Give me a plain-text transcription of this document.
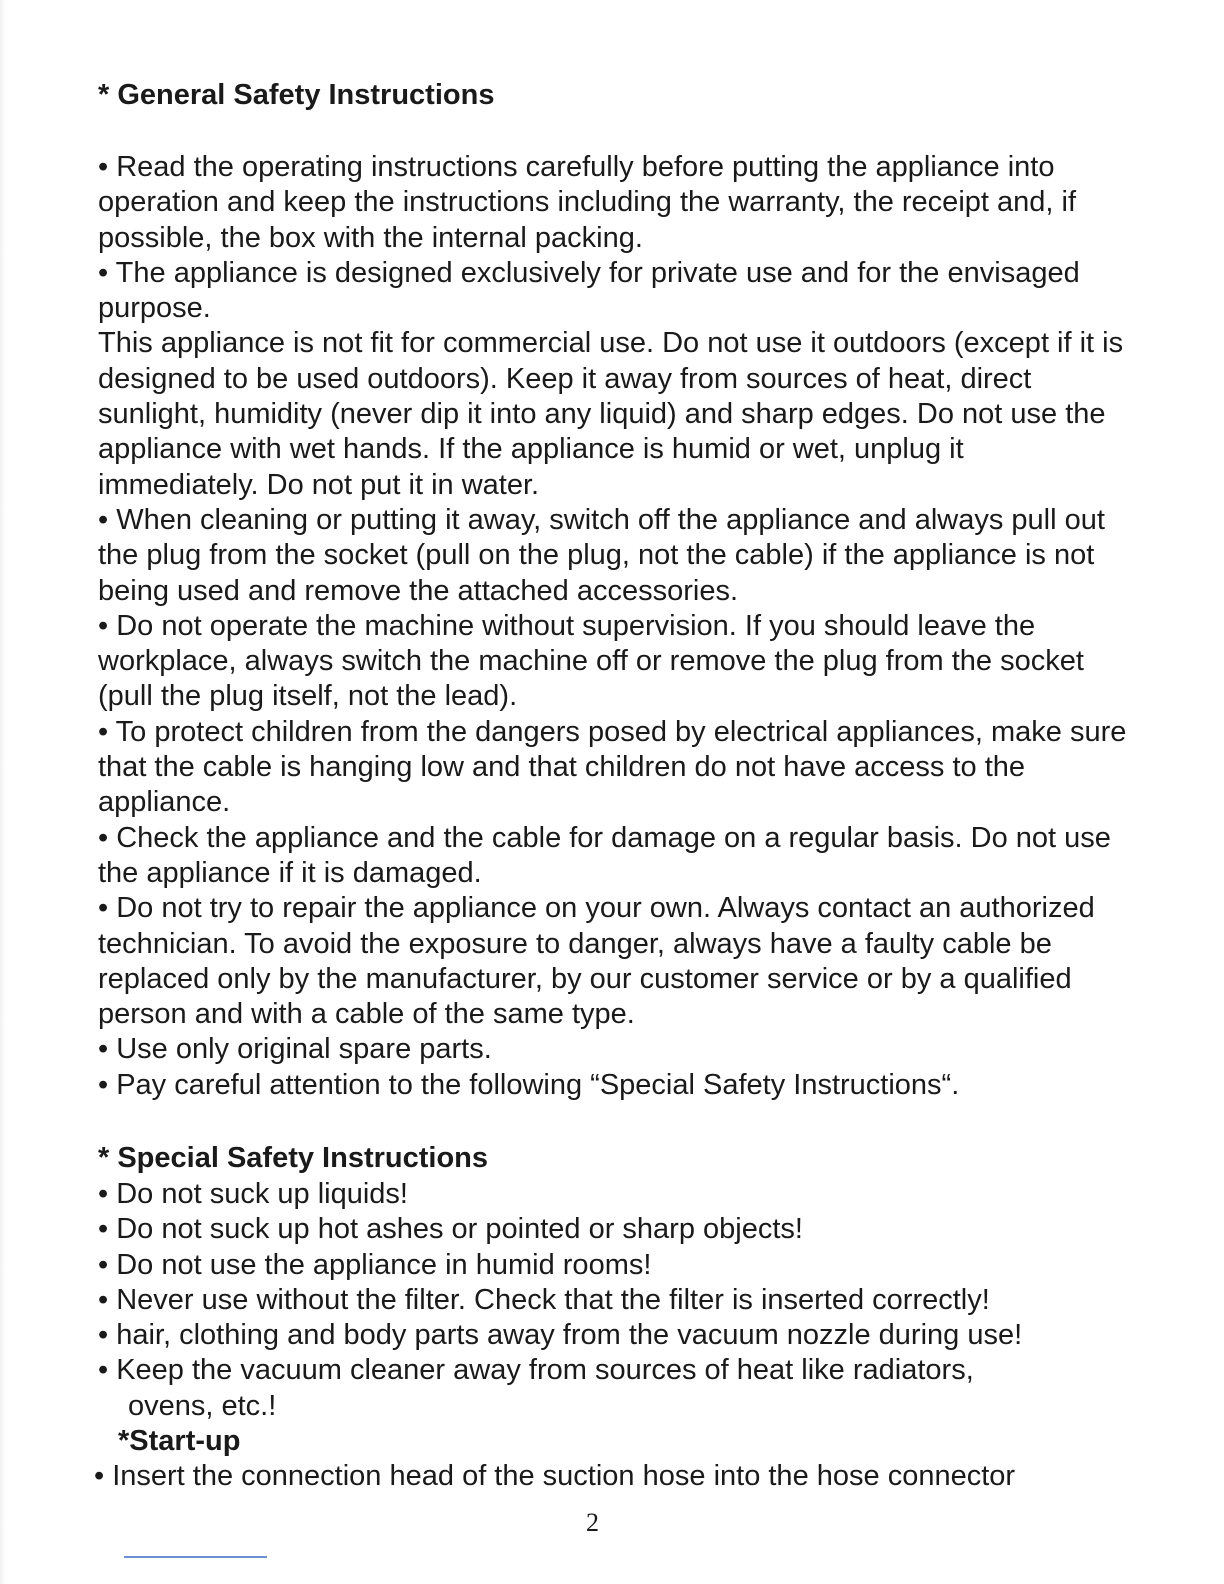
* General Safety Instructions

• Read the operating instructions carefully before putting the appliance into operation and keep the instructions including the warranty, the receipt and, if possible, the box with the internal packing.

• The appliance is designed exclusively for private use and for the envisaged purpose.

This appliance is not fit for commercial use. Do not use it outdoors (except if it is designed to be used outdoors). Keep it away from sources of heat, direct sunlight, humidity (never dip it into any liquid) and sharp edges. Do not use the appliance with wet hands. If the appliance is humid or wet, unplug it immediately. Do not put it in water.

• When cleaning or putting it away, switch off the appliance and always pull out the plug from the socket (pull on the plug, not the cable) if the appliance is not being used and remove the attached accessories.

• Do not operate the machine without supervision. If you should leave the workplace, always switch the machine off or remove the plug from the socket (pull the plug itself, not the lead).

• To protect children from the dangers posed by electrical appliances, make sure that the cable is hanging low and that children do not have access to the appliance.

• Check the appliance and the cable for damage on a regular basis. Do not use the appliance if it is damaged.

• Do not try to repair the appliance on your own. Always contact an authorized technician. To avoid the exposure to danger, always have a faulty cable be replaced only by the manufacturer, by our customer service or by a qualified person and with a cable of the same type.

• Use only original spare parts.

• Pay careful attention to the following “Special Safety Instructions“.

* Special Safety Instructions
• Do not suck up liquids!
• Do not suck up hot ashes or pointed or sharp objects!
• Do not use the appliance in humid rooms!
• Never use without the filter. Check that the filter is inserted correctly!
• hair, clothing and body parts away from the vacuum nozzle during use!
• Keep the vacuum cleaner away from sources of heat like radiators,
ovens, etc.!
*Start-up
• Insert the connection head of the suction hose into the hose connector
2
